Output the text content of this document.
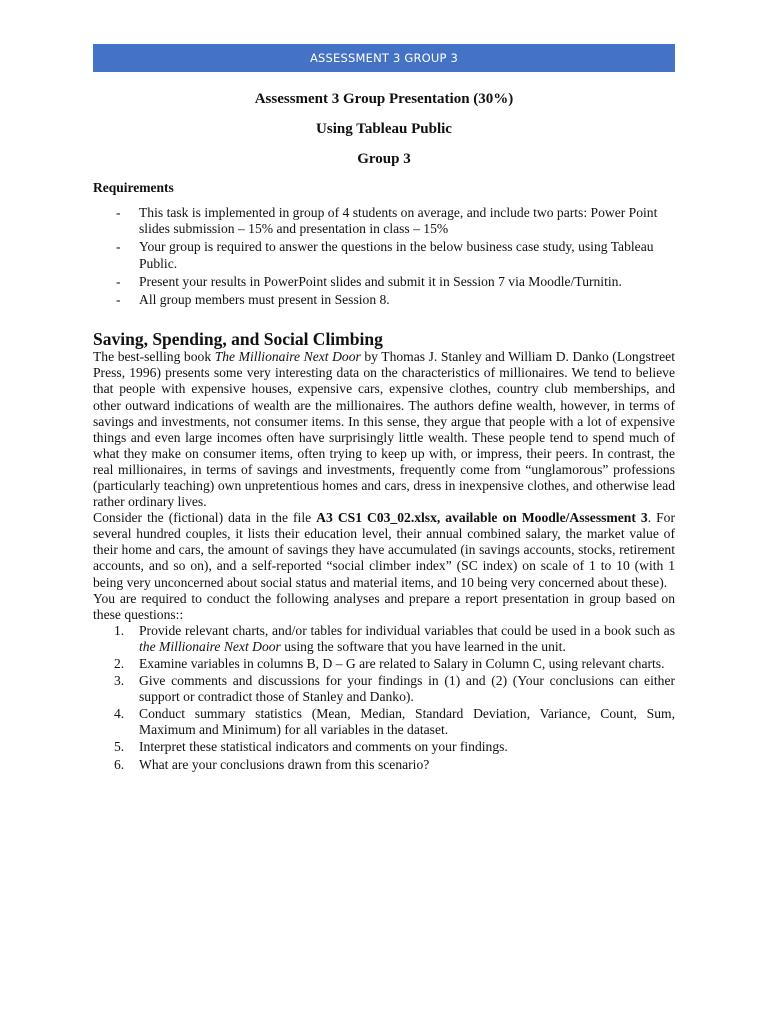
ASSESSMENT 3 GROUP 3
Assessment 3 Group Presentation (30%)
Using Tableau Public
Group 3
Requirements
- This task is implemented in group of 4 students on average, and include two parts: Power Point slides submission – 15% and presentation in class – 15%
- Your group is required to answer the questions in the below business case study, using Tableau Public.
- Present your results in PowerPoint slides and submit it in Session 7 via Moodle/Turnitin.
- All group members must present in Session 8.
Saving, Spending, and Social Climbing

The best-selling book The Millionaire Next Door by Thomas J. Stanley and William D. Danko (Longstreet Press, 1996) presents some very interesting data on the characteristics of millionaires. We tend to believe that people with expensive houses, expensive cars, expensive clothes, country club memberships, and other outward indications of wealth are the millionaires. The authors define wealth, however, in terms of savings and investments, not consumer items. In this sense, they argue that people with a lot of expensive things and even large incomes often have surprisingly little wealth. These people tend to spend much of what they make on consumer items, often trying to keep up with, or impress, their peers. In contrast, the real millionaires, in terms of savings and investments, frequently come from “unglamorous” professions (particularly teaching) own unpretentious homes and cars, dress in inexpensive clothes, and otherwise lead rather ordinary lives.

Consider the (fictional) data in the file A3 CS1 C03_02.xlsx, available on Moodle/Assessment 3. For several hundred couples, it lists their education level, their annual combined salary, the market value of their home and cars, the amount of savings they have accumulated (in savings accounts, stocks, retirement accounts, and so on), and a self-reported “social climber index” (SC index) on scale of 1 to 10 (with 1 being very unconcerned about social status and material items, and 10 being very concerned about these).

You are required to conduct the following analyses and prepare a report presentation in group based on these questions::

1. Provide relevant charts, and/or tables for individual variables that could be used in a book such as the Millionaire Next Door using the software that you have learned in the unit.
2. Examine variables in columns B, D – G are related to Salary in Column C, using relevant charts.
3. Give comments and discussions for your findings in (1) and (2) (Your conclusions can either support or contradict those of Stanley and Danko).
4. Conduct summary statistics (Mean, Median, Standard Deviation, Variance, Count, Sum, Maximum and Minimum) for all variables in the dataset.
5. Interpret these statistical indicators and comments on your findings.
6. What are your conclusions drawn from this scenario?
